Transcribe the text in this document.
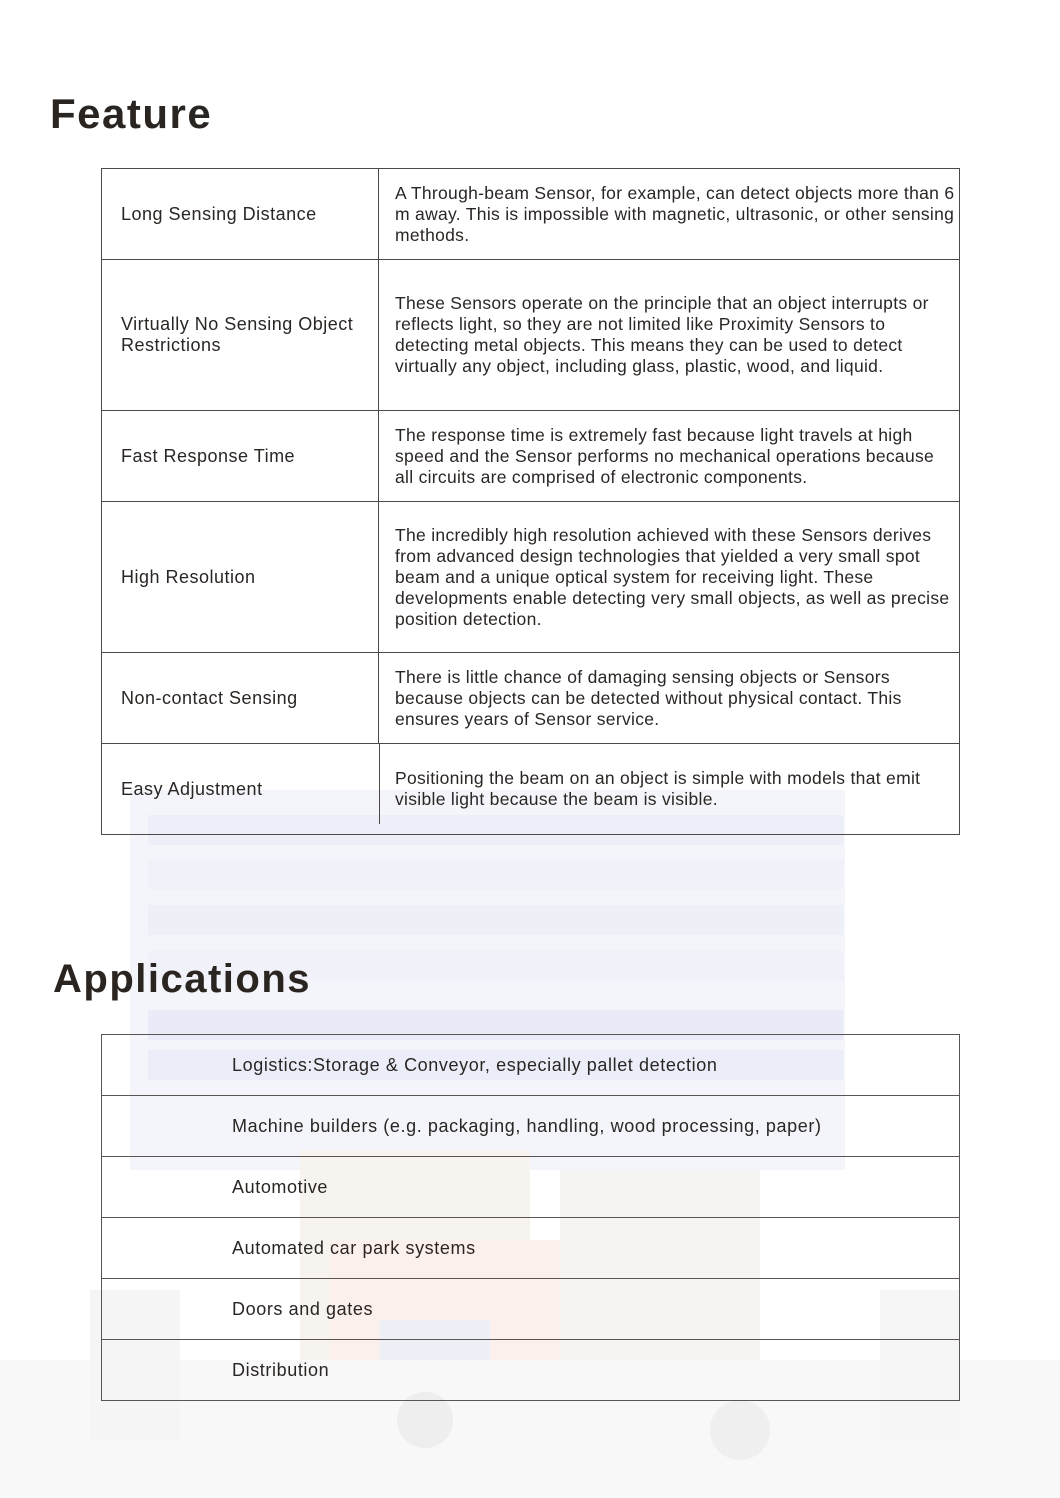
Feature
Long Sensing Distance
A Through-beam Sensor, for example, can detect objects more than 6 m away. This is impossible with magnetic, ultrasonic, or other sensing methods.
Virtually No Sensing Object Restrictions
These Sensors operate on the principle that an object interrupts or reflects light, so they are not limited like Proximity Sensors to detecting metal objects. This means they can be used to detect virtually any object, including glass, plastic, wood, and liquid.
Fast Response Time
The response time is extremely fast because light travels at high speed and the Sensor performs no mechanical operations because all circuits are comprised of electronic components.
High Resolution
The incredibly high resolution achieved with these Sensors derives from advanced design technologies that yielded a very small spot beam and a unique optical system for receiving light. These developments enable detecting very small objects, as well as precise position detection.
Non-contact Sensing
There is little chance of damaging sensing objects or Sensors because objects can be detected without physical contact. This ensures years of Sensor service.
Easy Adjustment
Positioning the beam on an object is simple with models that emit visible light because the beam is visible.
Applications
Logistics:Storage & Conveyor, especially pallet detection
Machine builders (e.g. packaging, handling, wood processing, paper)
Automotive
Automated car park systems
Doors and gates
Distribution
